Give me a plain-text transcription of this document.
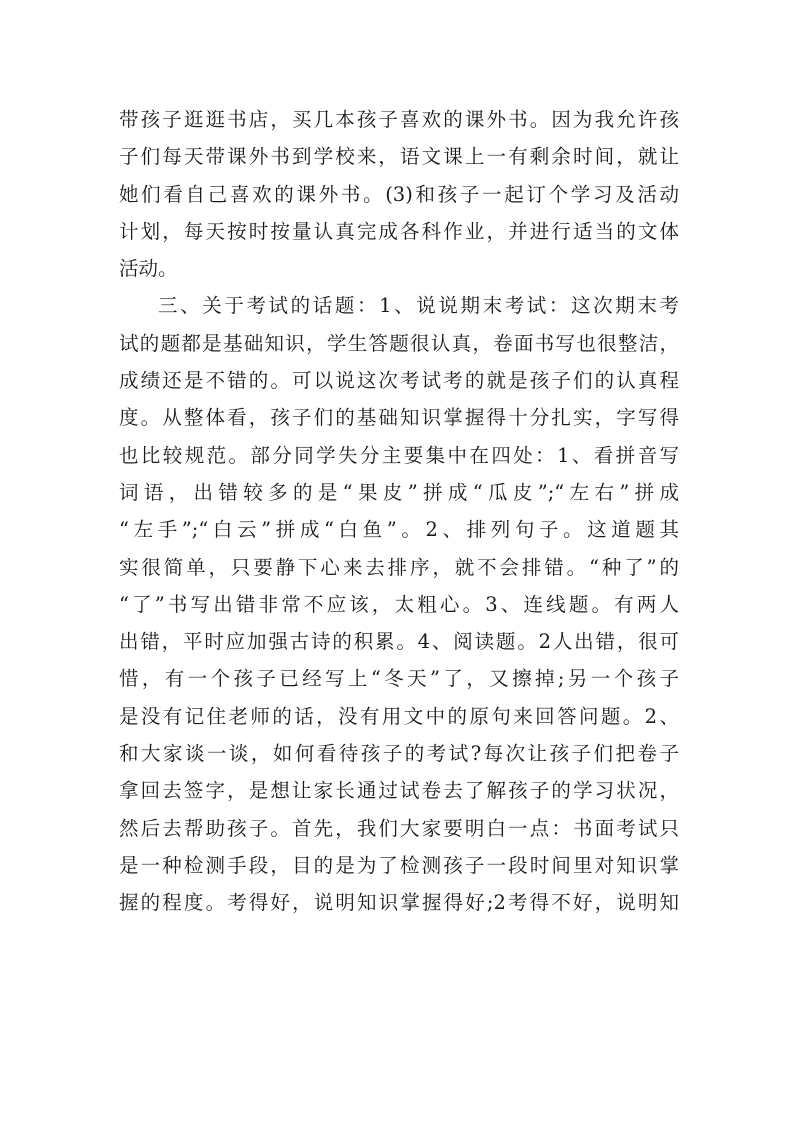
带孩子逛逛书店，买几本孩子喜欢的课外书。因为我允许孩
子们每天带课外书到学校来，语文课上一有剩余时间，就让
她们看自己喜欢的课外书。(3)和孩子一起订个学习及活动
计划，每天按时按量认真完成各科作业，并进行适当的文体
活动。
三、关于考试的话题：1、说说期末考试：这次期末考
试的题都是基础知识，学生答题很认真，卷面书写也很整洁，
成绩还是不错的。可以说这次考试考的就是孩子们的认真程
度。从整体看，孩子们的基础知识掌握得十分扎实，字写得
也比较规范。部分同学失分主要集中在四处：1、看拼音写
词语，出错较多的是“果皮”拼成“瓜皮”;“左右”拼成
“左手”;“白云”拼成“白鱼”。2、排列句子。这道题其
实很简单，只要静下心来去排序，就不会排错。“种了”的
“了”书写出错非常不应该，太粗心。3、连线题。有两人
出错，平时应加强古诗的积累。4、阅读题。2人出错，很可
惜，有一个孩子已经写上“冬天”了，又擦掉;另一个孩子
是没有记住老师的话，没有用文中的原句来回答问题。2、
和大家谈一谈，如何看待孩子的考试?每次让孩子们把卷子
拿回去签字，是想让家长通过试卷去了解孩子的学习状况，
然后去帮助孩子。首先，我们大家要明白一点：书面考试只
是一种检测手段，目的是为了检测孩子一段时间里对知识掌
握的程度。考得好，说明知识掌握得好;2考得不好，说明知
